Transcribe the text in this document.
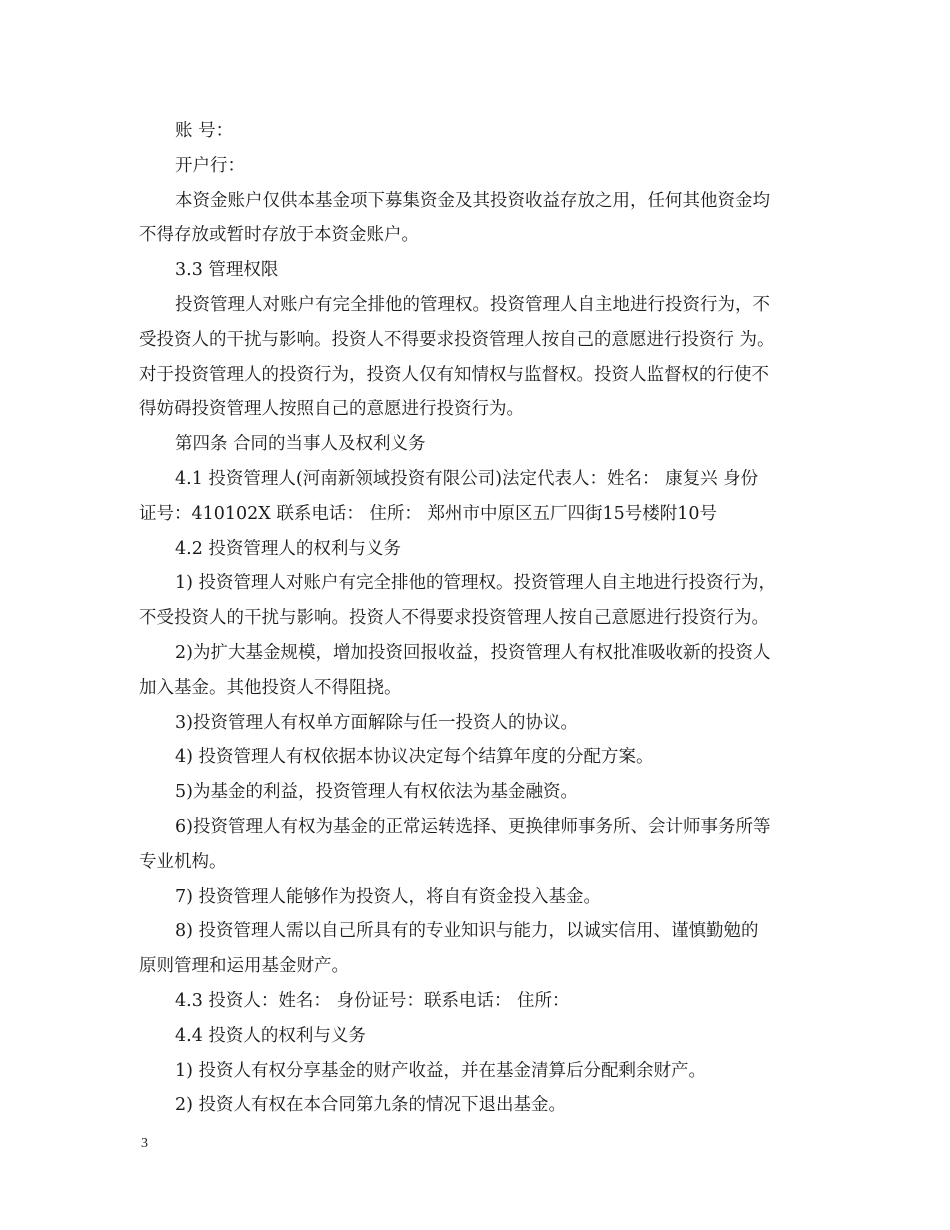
账 号：
开户行：
本资金账户仅供本基金项下募集资金及其投资收益存放之用，任何其他资金均
不得存放或暂时存放于本资金账户。
3.3 管理权限
投资管理人对账户有完全排他的管理权。投资管理人自主地进行投资行为，不
受投资人的干扰与影响。投资人不得要求投资管理人按自己的意愿进行投资行 为。
对于投资管理人的投资行为，投资人仅有知情权与监督权。投资人监督权的行使不
得妨碍投资管理人按照自己的意愿进行投资行为。
第四条 合同的当事人及权利义务
4.1 投资管理人(河南新领域投资有限公司)法定代表人：姓名： 康复兴 身份
证号：410102X 联系电话： 住所： 郑州市中原区五厂四街15号楼附10号
4.2 投资管理人的权利与义务
1) 投资管理人对账户有完全排他的管理权。投资管理人自主地进行投资行为，
不受投资人的干扰与影响。投资人不得要求投资管理人按自己意愿进行投资行为。
2)为扩大基金规模，增加投资回报收益，投资管理人有权批准吸收新的投资人
加入基金。其他投资人不得阻挠。
3)投资管理人有权单方面解除与任一投资人的协议。
4) 投资管理人有权依据本协议决定每个结算年度的分配方案。
5)为基金的利益，投资管理人有权依法为基金融资。
6)投资管理人有权为基金的正常运转选择、更换律师事务所、会计师事务所等
专业机构。
7) 投资管理人能够作为投资人，将自有资金投入基金。
8) 投资管理人需以自己所具有的专业知识与能力，以诚实信用、谨慎勤勉的
原则管理和运用基金财产。
4.3 投资人：姓名： 身份证号：联系电话： 住所：
4.4 投资人的权利与义务
1) 投资人有权分享基金的财产收益，并在基金清算后分配剩余财产。
2) 投资人有权在本合同第九条的情况下退出基金。
3
